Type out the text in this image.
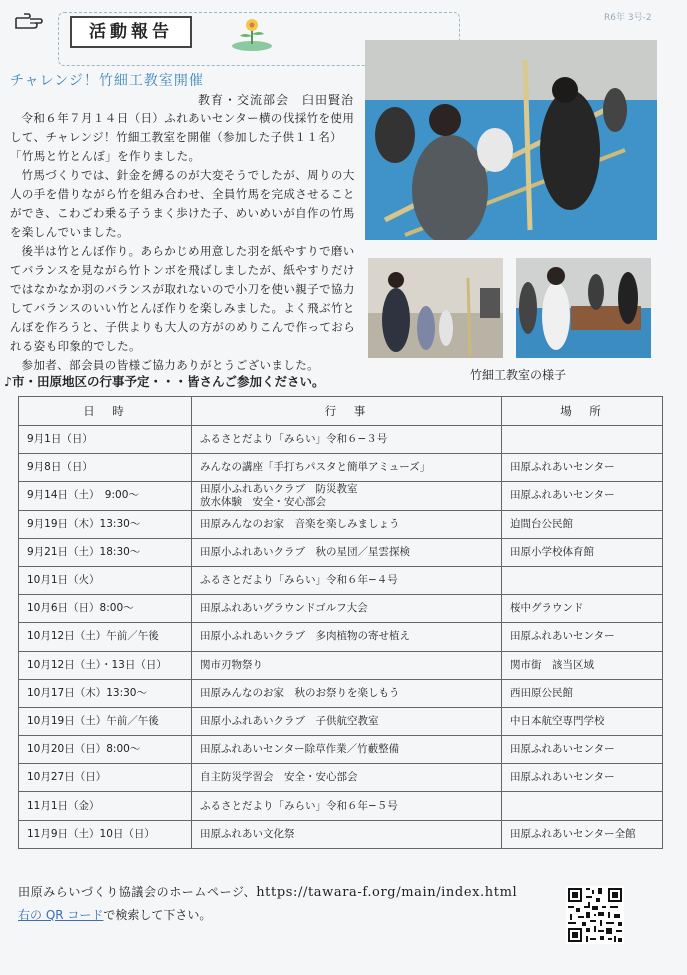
活動報告
R6年 3号-2
チャレンジ！竹細工教室開催
教育・交流部会　臼田賢治

令和６年７月１４日（日）ふれあいセンター横の伐採竹を使用して、チャレンジ！竹細工教室を開催（参加した子供１１名）「竹馬と竹とんぼ」を作りました。

竹馬づくりでは、針金を縛るのが大変そうでしたが、周りの大人の手を借りながら竹を組み合わせ、全員竹馬を完成させることができ、こわごわ乗る子うまく歩けた子、めいめいが自作の竹馬を楽しんでいました。

後半は竹とんぼ作り。あらかじめ用意した羽を紙やすりで磨いてバランスを見ながら竹トンボを飛ばしましたが、紙やすりだけではなかなか羽のバランスが取れないので小刀を使い親子で協力してバランスのいい竹とんぼ作りを楽しみました。よく飛ぶ竹とんぼを作ろうと、子供よりも大人の方がのめりこんで作っておられる姿も印象的でした。

参加者、部会員の皆様ご協力ありがとうございました。

竹細工教室の様子
♪市・田原地区の行事予定・・・皆さんご参加ください。
日　時	行　事	場　所
9月1日（日）	ふるさとだより「みらい」令和６−３号	
9月8日（日）	みんなの講座「手打ちパスタと簡単アミューズ」	田原ふれあいセンター
9月14日（土）　9:00〜	田原小ふれあいクラブ　防災教室
放水体験　安全・安心部会	田原ふれあいセンター
9月19日（木）13:30〜	田原みんなのお家　音楽を楽しみましょう	迫間台公民館
9月21日（土）18:30〜	田原小ふれあいクラブ　秋の星団／星雲探検	田原小学校体育館
10月1日（火）	ふるさとだより「みらい」令和６年−４号	
10月6日（日）8:00〜	田原ふれあいグラウンドゴルフ大会	桜中グラウンド
10月12日（土）午前／午後	田原小ふれあいクラブ　多肉植物の寄せ植え	田原ふれあいセンター
10月12日（土）・13日（日）	関市刃物祭り	関市街　該当区域
10月17日（木）13:30〜	田原みんなのお家　秋のお祭りを楽しもう	西田原公民館
10月19日（土）午前／午後	田原小ふれあいクラブ　子供航空教室	中日本航空専門学校
10月20日（日）8:00〜	田原ふれあいセンター除草作業／竹藪整備	田原ふれあいセンター
10月27日（日）	自主防災学習会　安全・安心部会	田原ふれあいセンター
11月1日（金）	ふるさとだより「みらい」令和６年−５号	
11月9日（土）10日（日）	田原ふれあい文化祭	田原ふれあいセンター全館
田原みらいづくり協議会のホームページ、https://tawara-f.org/main/index.html
右の QR コードで検索して下さい。
